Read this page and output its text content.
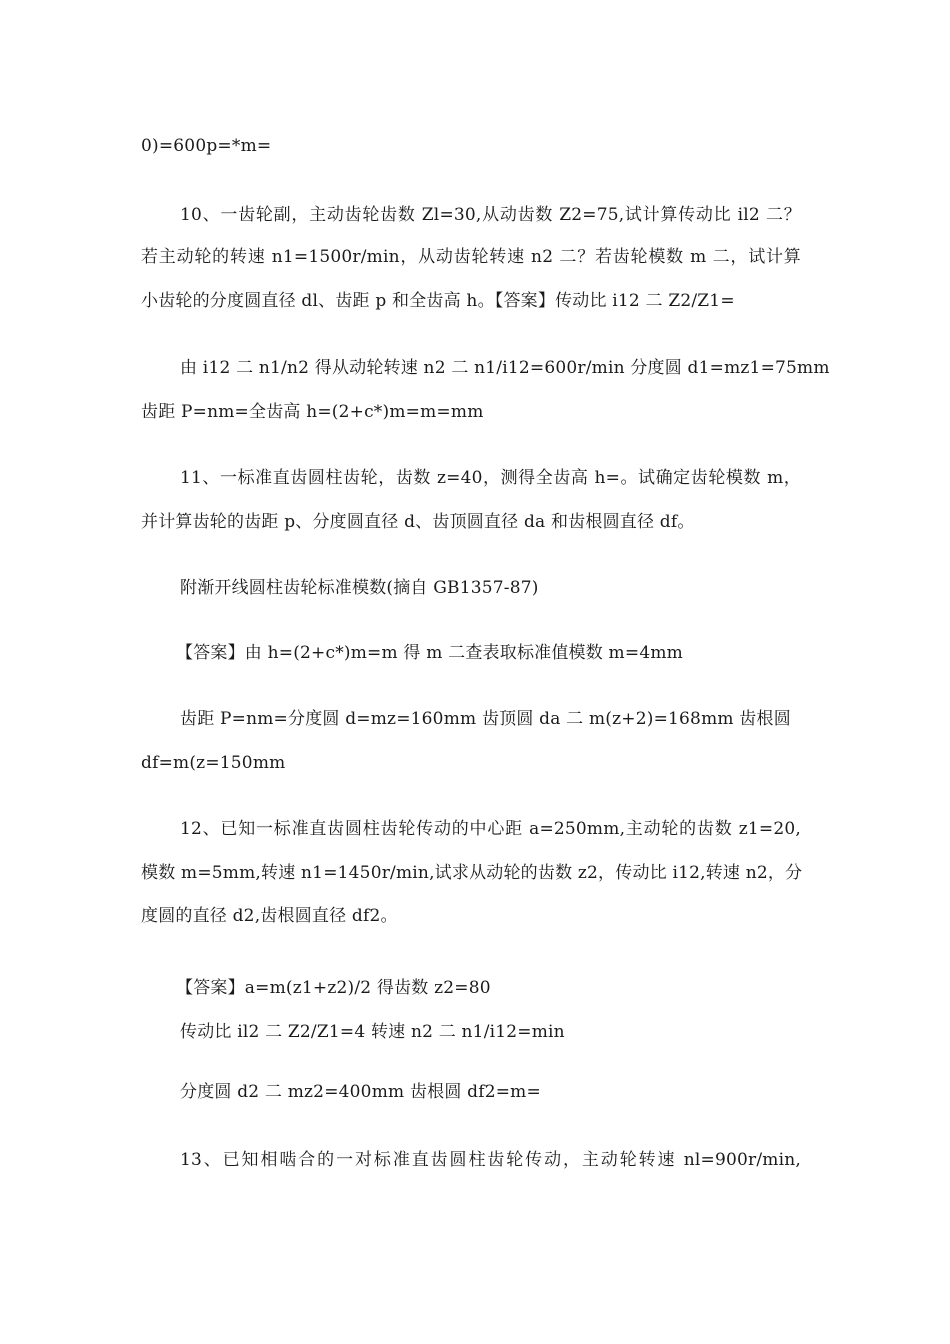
0)=600p=*m=
10、一齿轮副，主动齿轮齿数 Zl=30,从动齿数 Z2=75,试计算传动比 il2 二？
若主动轮的转速 n1=1500r/min，从动齿轮转速 n2 二？若齿轮模数 m 二，试计算
小齿轮的分度圆直径 dl、齿距 p 和全齿高 h。【答案】传动比 i12 二 Z2/Z1=
由 i12 二 n1/n2 得从动轮转速 n2 二 n1/i12=600r/min 分度圆 d1=mz1=75mm
齿距 P=nm=全齿高 h=(2+c*)m=m=mm
11、一标准直齿圆柱齿轮，齿数 z=40，测得全齿高 h=。试确定齿轮模数 m，
并计算齿轮的齿距 p、分度圆直径 d、齿顶圆直径 da 和齿根圆直径 df。
附渐开线圆柱齿轮标准模数(摘自 GB1357-87)
【答案】由 h=(2+c*)m=m 得 m 二查表取标准值模数 m=4mm
齿距 P=nm=分度圆 d=mz=160mm 齿顶圆 da 二 m(z+2)=168mm 齿根圆
df=m(z=150mm
12、已知一标准直齿圆柱齿轮传动的中心距 a=250mm,主动轮的齿数 z1=20,
模数 m=5mm,转速 n1=1450r/min,试求从动轮的齿数 z2，传动比 i12,转速 n2，分
度圆的直径 d2,齿根圆直径 df2。
【答案】a=m(z1+z2)/2 得齿数 z2=80
传动比 il2 二 Z2/Z1=4 转速 n2 二 n1/i12=min
分度圆 d2 二 mz2=400mm 齿根圆 df2=m=
13、已知相啮合的一对标准直齿圆柱齿轮传动，主动轮转速 nl=900r/min,
